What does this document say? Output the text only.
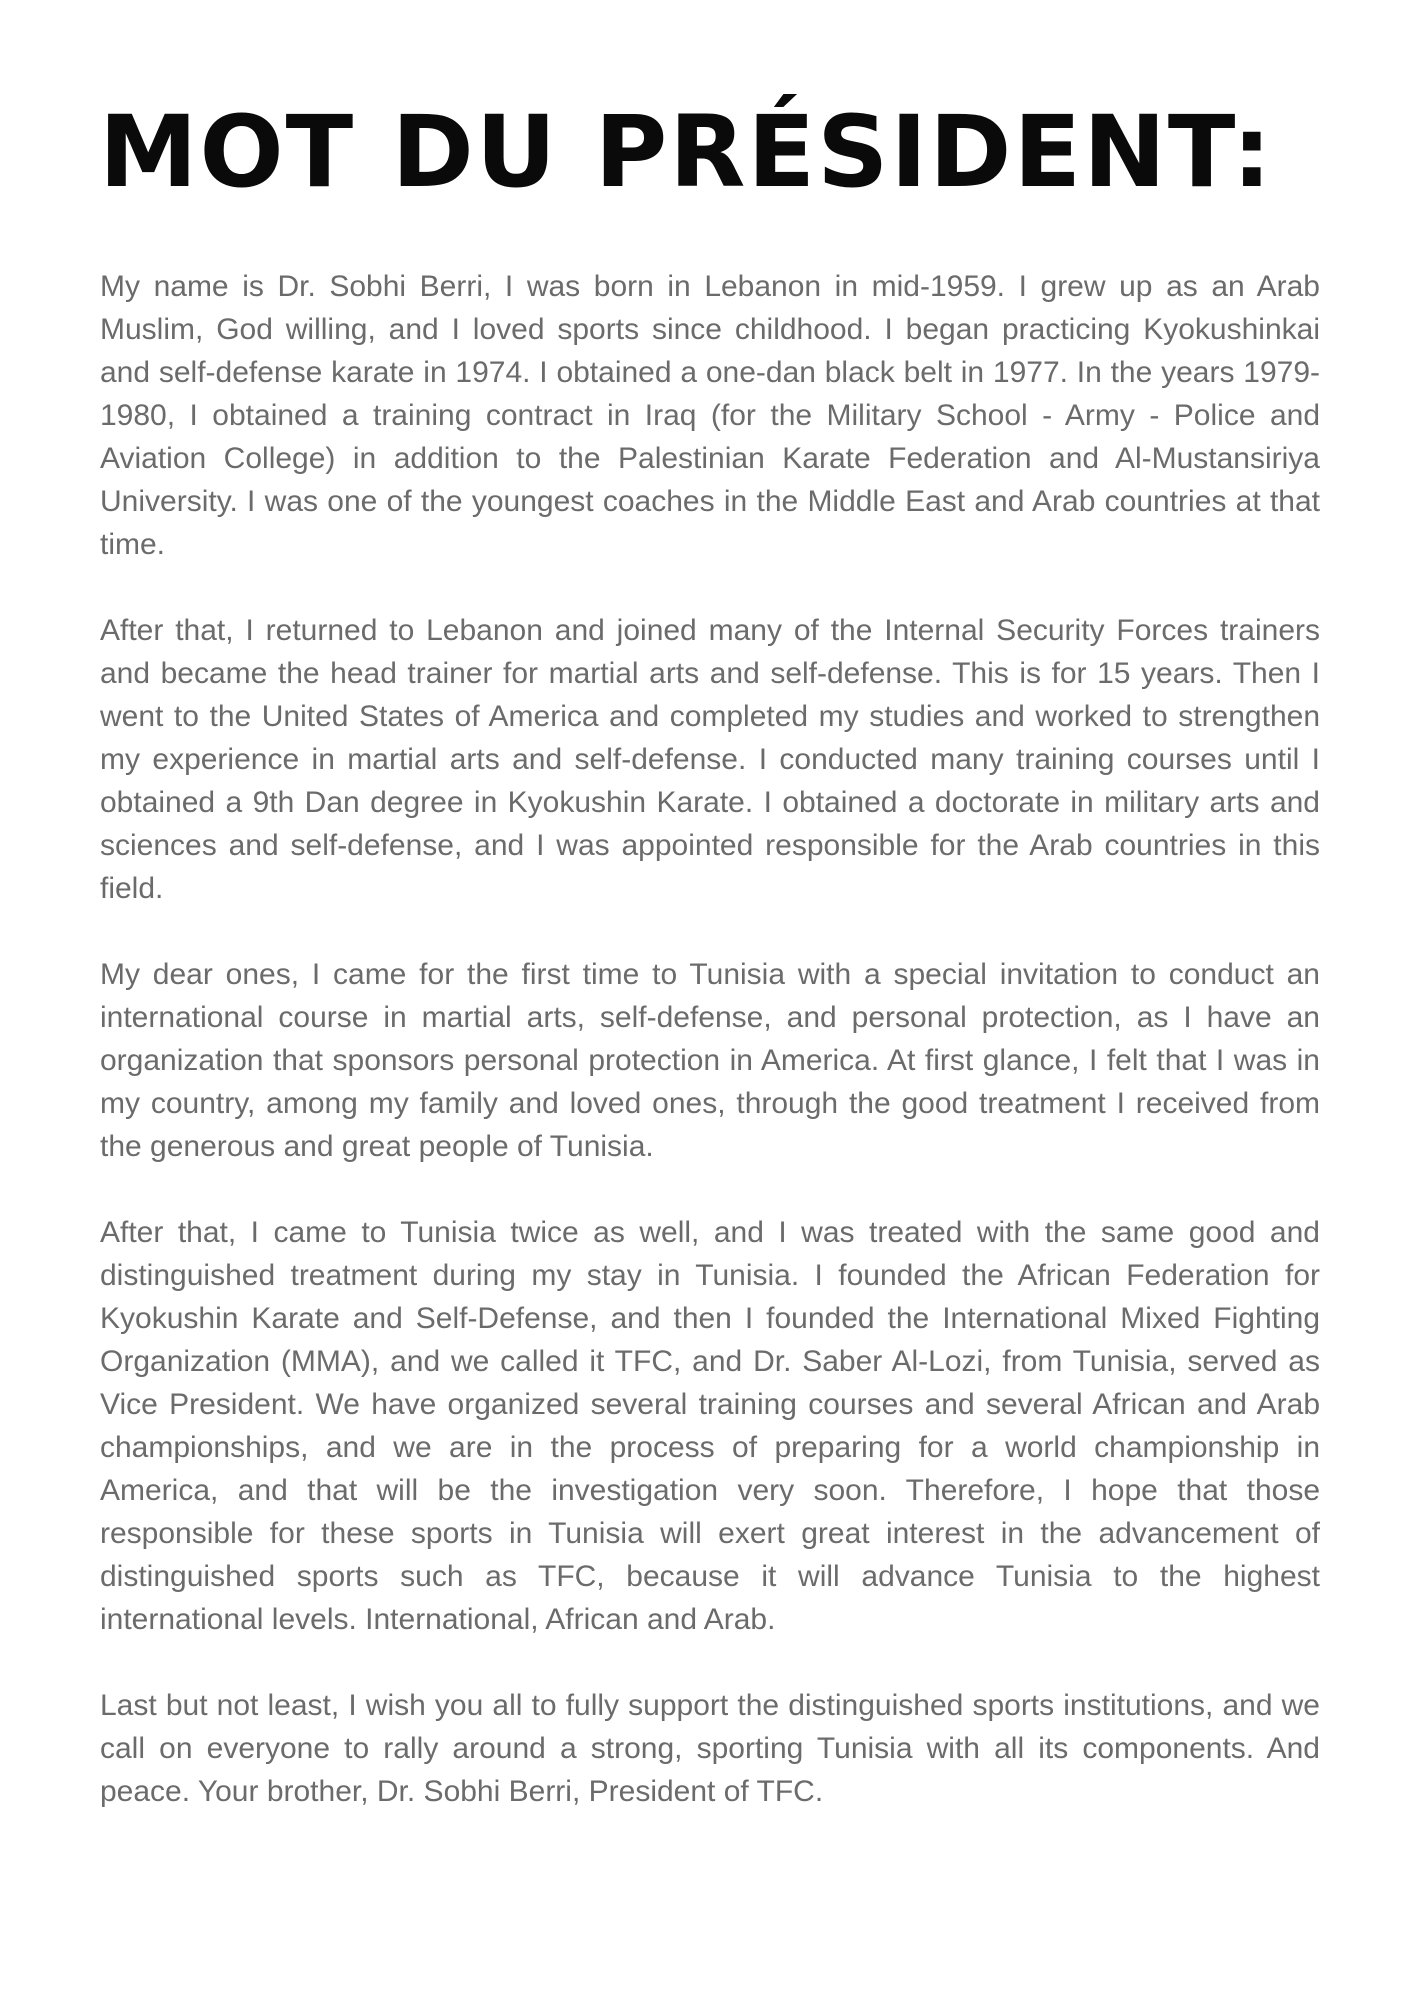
MOT DU PRÉSIDENT:

My name is Dr. Sobhi Berri, I was born in Lebanon in mid-1959. I grew up as an Arab Muslim, God willing, and I loved sports since childhood. I began practicing Kyokushinkai and self-defense karate in 1974. I obtained a one-dan black belt in 1977. In the years 1979-1980, I obtained a training contract in Iraq (for the Military School - Army - Police and Aviation College) in addition to the Palestinian Karate Federation and Al-Mustansiriya University. I was one of the youngest coaches in the Middle East and Arab countries at that time.

After that, I returned to Lebanon and joined many of the Internal Security Forces trainers and became the head trainer for martial arts and self-defense. This is for 15 years. Then I went to the United States of America and completed my studies and worked to strengthen my experience in martial arts and self-defense. I conducted many training courses until I obtained a 9th Dan degree in Kyokushin Karate. I obtained a doctorate in military arts and sciences and self-defense, and I was appointed responsible for the Arab countries in this field.

My dear ones, I came for the first time to Tunisia with a special invitation to conduct an international course in martial arts, self-defense, and personal protection, as I have an organization that sponsors personal protection in America. At first glance, I felt that I was in my country, among my family and loved ones, through the good treatment I received from the generous and great people of Tunisia.

After that, I came to Tunisia twice as well, and I was treated with the same good and distinguished treatment during my stay in Tunisia. I founded the African Federation for Kyokushin Karate and Self-Defense, and then I founded the International Mixed Fighting Organization (MMA), and we called it TFC, and Dr. Saber Al-Lozi, from Tunisia, served as Vice President. We have organized several training courses and several African and Arab championships, and we are in the process of preparing for a world championship in America, and that will be the investigation very soon. Therefore, I hope that those responsible for these sports in Tunisia will exert great interest in the advancement of distinguished sports such as TFC, because it will advance Tunisia to the highest international levels. International, African and Arab.

Last but not least, I wish you all to fully support the distinguished sports institutions, and we call on everyone to rally around a strong, sporting Tunisia with all its components. And peace. Your brother, Dr. Sobhi Berri, President of TFC.
